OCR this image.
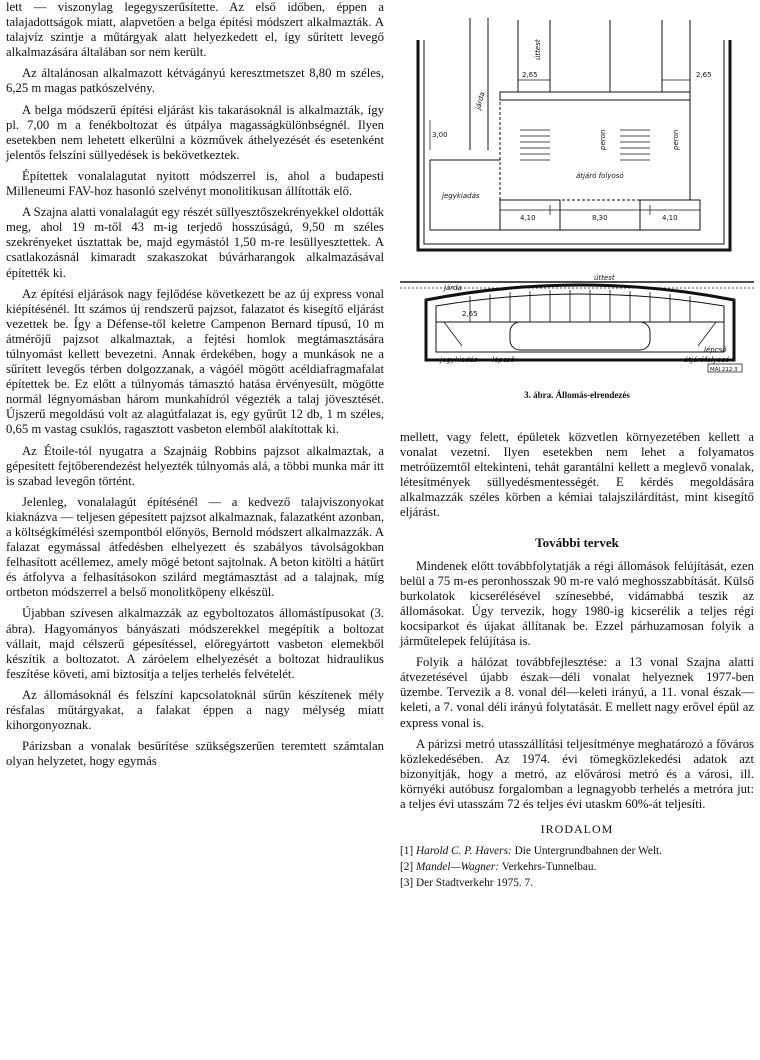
lett — viszonylag legegyszerűsítette. Az első időben, éppen a talajadottságok miatt, alapvetően a belga építési módszert alkalmazták. A talajvíz szintje a műtárgyak alatt helyezkedett el, így sűrített levegő alkalmazására általában sor nem került.

Az általánosan alkalmazott kétvágányú keresztmetszet 8,80 m széles, 6,25 m magas patkószelvény.

A belga módszerű építési eljárást kis takarásoknál is alkalmazták, így pl. 7,00 m a fenékboltozat és útpálya magasságkülönbségnél. Ilyen esetekben nem lehetett elkerülni a közművek áthelyezését és esetenként jelentős felszíni süllyedések is bekövetkeztek.

Építettek vonalalagutat nyitott módszerrel is, ahol a budapesti Milleneumi FAV-hoz hasonló szelvényt monolitikusan állították elő.

A Szajna alatti vonalalagút egy részét süllyesztőszekrényekkel oldották meg, ahol 19 m-től 43 m-ig terjedő hosszúságú, 9,50 m széles szekrényeket úsztattak be, majd egymástól 1,50 m-re lesüllyesztettek. A csatlakozásnál kimaradt szakaszokat búvárharangok alkalmazásával építették ki.

Az építési eljárások nagy fejlődése következett be az új express vonal kiépítésénél. Itt számos új rendszerű pajzsot, falazatot és kisegítő eljárást vezettek be. Így a Défense-től keletre Campenon Bernard típusú, 10 m átmérőjű pajzsot alkalmaztak, a fejtési homlok megtámasztására túlnyomást kellett bevezetni. Annak érdekében, hogy a munkások ne a sűrített levegős térben dolgozzanak, a vágóél mögött acéldiafragmafalat építettek be. Ez előtt a túlnyomás támasztó hatása érvényesült, mögötte normál légnyomásban három munkahídról végezték a talaj jövesztését. Újszerű megoldású volt az alagútfalazat is, egy gyűrűt 12 db, 1 m széles, 0,65 m vastag csuklós, ragasztott vasbeton elemből alakítottak ki.

Az Étoile-tól nyugatra a Szajnáig Robbins pajzsot alkalmaztak, a gépesített fejtőberendezést helyezték túlnyomás alá, a többi munka már itt is szabad levegőn történt.

Jelenleg, vonalalagút építésénél — a kedvező talajviszonyokat kiaknázva — teljesen gépesített pajzsot alkalmaznak, falazatként azonban, a költségkímélési szempontból előnyös, Bernold módszert alkalmazzák. A falazat egymással átfedésben elhelyezett és szabályos távolságokban felhasított acéllemez, amely mögé betont sajtolnak. A beton kitölti a hátűrt és átfolyva a felhasításokon szilárd megtámasztást ad a talajnak, míg ortbeton módszerrel a belső monolitköpeny elkészül.

Újabban szívesen alkalmazzák az egyboltozatos állomástípusokat (3. ábra). Hagyományos bányászati módszerekkel megépítik a boltozat vállait, majd célszerű gépesítéssel, előregyártott vasbeton elemekből készítik a boltozatot. A záróelem elhelyezését a boltozat hidraulikus feszítése követi, ami biztosítja a teljes terhelés felvételét.

Az állomásoknál és felszíni kapcsolatoknál sűrűn készítenek mély résfalas műtárgyakat, a falakat éppen a nagy mélység miatt kihorgonyoznak.

Párizsban a vonalak besűrítése szükségszerűen teremtett számtalan olyan helyzetet, hogy egymás

úttest
járda
peron	peron
átjáró folyosó
jegykiadás
2,65	2,65
3,00
4,10	8,30	4,10
járda
úttest
2,65
jegykiadás lépcső
lépcső
átjárófolyosó
MÁJ 212 3
3. ábra. Állomás-elrendezés

mellett, vagy felett, épületek közvetlen környezetében kellett a vonalat vezetni. Ilyen esetekben nem lehet a folyamatos metróüzemtől eltekinteni, tehát garantálni kellett a meglevő vonalak, létesítmények süllyedésmentességét. E kérdés megoldására alkalmazzák széles körben a kémiai talajszilárdítást, mint kisegítő eljárást.

További tervek

Mindenek előtt továbbfolytatják a régi állomások felújítását, ezen belül a 75 m-es peronhosszak 90 m-re való meghosszabbítását. Külső burkolatok kicserélésével színesebbé, vidámabbá teszik az állomásokat. Úgy tervezik, hogy 1980-ig kicserélik a teljes régi kocsiparkot és újakat állítanak be. Ezzel párhuzamosan folyik a járműtelepek felújítása is.

Folyik a hálózat továbbfejlesztése: a 13 vonal Szajna alatti átvezetésével újabb észak—déli vonalat helyeznek 1977-ben üzembe. Tervezik a 8. vonal dél—keleti irányú, a 11. vonal észak—keleti, a 7. vonal déli irányú folytatását. E mellett nagy erővel épül az express vonal is.

A párizsi metró utasszállítási teljesítménye meghatározó a főváros közlekedésében. Az 1974. évi tömegközlekedési adatok azt bizonyítják, hogy a metró, az elővárosi metró és a városi, ill. környéki autóbusz forgalomban a legnagyobb terhelés a metróra jut: a teljes évi utasszám 72 és teljes évi utaskm 60%-át teljesíti.

IRODALOM
[1] Harold C. P. Havers: Die Untergrundbahnen der Welt.
[2] Mandel—Wagner: Verkehrs-Tunnelbau.
[3] Der Stadtverkehr 1975. 7.
